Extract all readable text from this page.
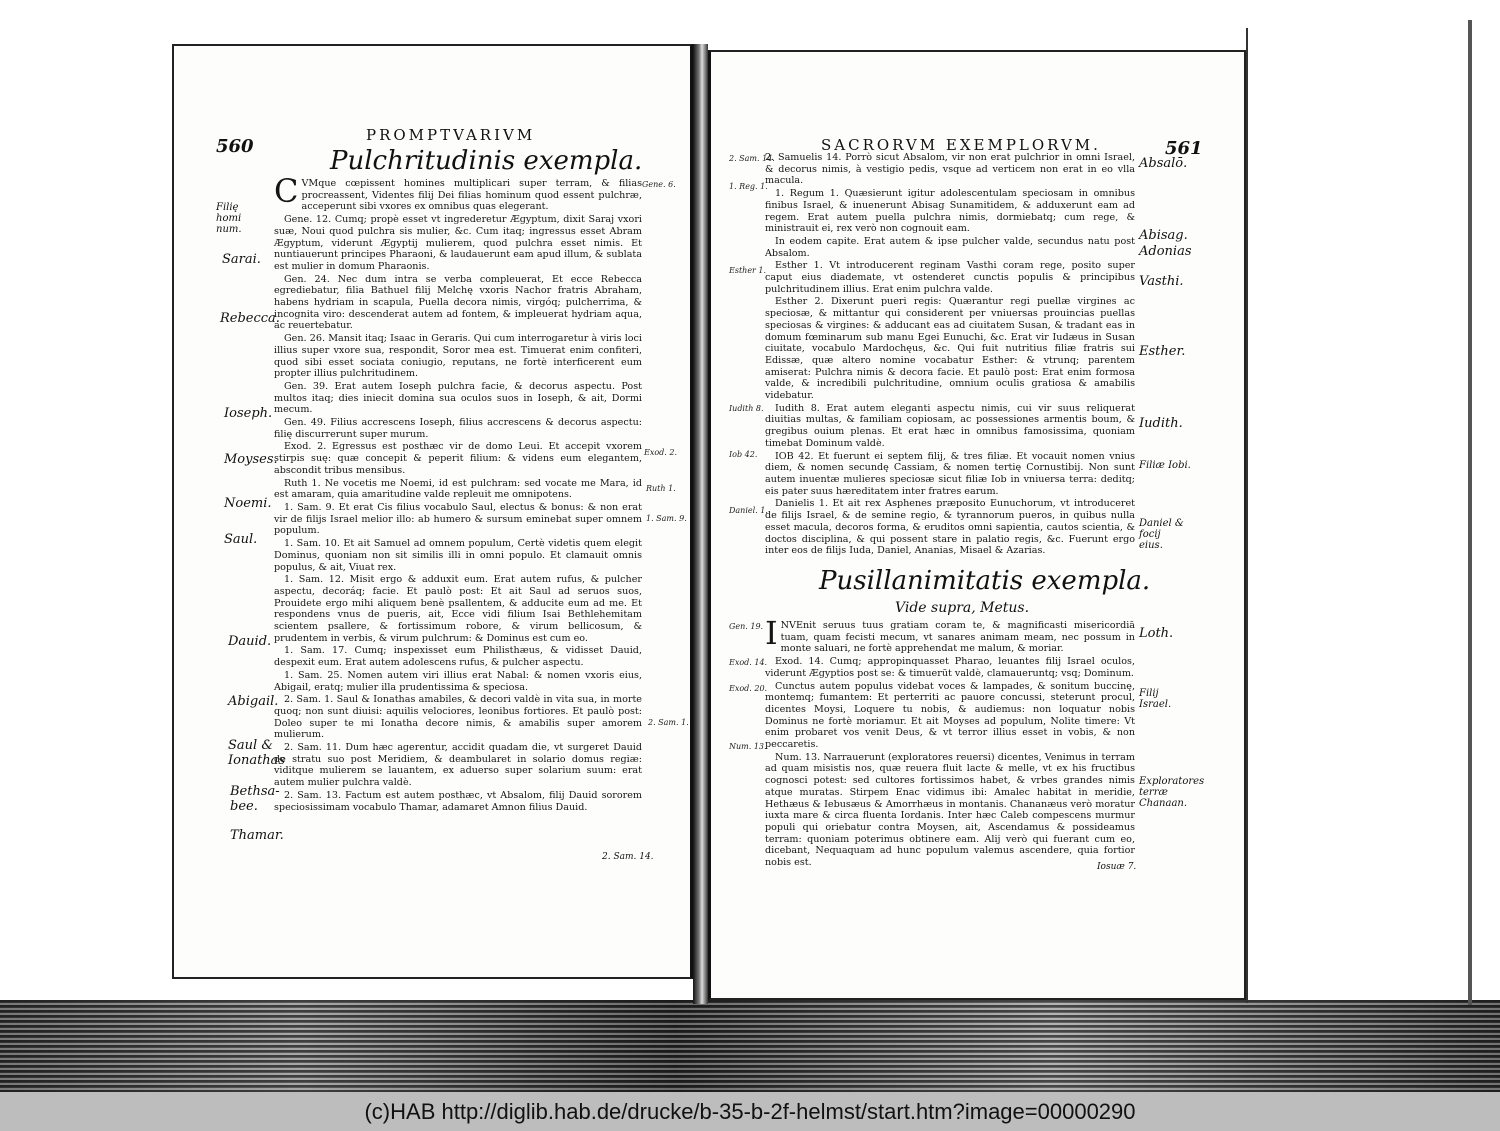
560
PROMPTVARIVM
Pulchritudinis exempla.
Filię homi num.
Sarai.
Rebecca.
Ioseph.
Moyses.
Noemi.
Saul.
Dauid.
Abigail.
Saul & Ionathas
Bethsa- bee.
Thamar.
Gene. 6.
Exod. 2.
Ruth 1.
1. Sam. 9.
2. Sam. 1.

C VMque cœpissent homines multiplicari super terram, & filias procreassent, Videntes filij Dei filias hominum quod essent pulchræ, acceperunt sibi vxores ex omnibus quas elegerant.

Gene. 12. Cumq; propè esset vt ingrederetur Ægyptum, dixit Saraj vxori suæ, Noui quod pulchra sis mulier, &c. Cum itaq; ingressus esset Abram Ægyptum, viderunt Ægyptij mulierem, quod pulchra esset nimis. Et nuntiauerunt principes Pharaoni, & laudauerunt eam apud illum, & sublata est mulier in domum Pharaonis.

Gen. 24. Nec dum intra se verba compleuerat, Et ecce Rebecca egrediebatur, filia Bathuel filij Melchę vxoris Nachor fratris Abraham, habens hydriam in scapula, Puella decora nimis, virgóq; pulcherrima, & incognita viro: descenderat autem ad fontem, & impleuerat hydriam aqua, ac reuertebatur.

Gen. 26. Mansit itaq; Isaac in Geraris. Qui cum interrogaretur à viris loci illius super vxore sua, respondit, Soror mea est. Timuerat enim confiteri, quod sibi esset sociata coniugio, reputans, ne fortè interficerent eum propter illius pulchritudinem.

Gen. 39. Erat autem Ioseph pulchra facie, & decorus aspectu. Post multos itaq; dies iniecit domina sua oculos suos in Ioseph, & ait, Dormi mecum.

Gen. 49. Filius accrescens Ioseph, filius accrescens & decorus aspectu: filię discurrerunt super murum.

Exod. 2. Egressus est posthæc vir de domo Leui. Et accepit vxorem stirpis suę: quæ concepit & peperit filium: & videns eum elegantem, abscondit tribus mensibus.

Ruth 1. Ne vocetis me Noemi, id est pulchram: sed vocate me Mara, id est amaram, quia amaritudine valde repleuit me omnipotens.

1. Sam. 9. Et erat Cis filius vocabulo Saul, electus & bonus: & non erat vir de filijs Israel melior illo: ab humero & sursum eminebat super omnem populum.

1. Sam. 10. Et ait Samuel ad omnem populum, Certè videtis quem elegit Dominus, quoniam non sit similis illi in omni populo. Et clamauit omnis populus, & ait, Viuat rex.

1. Sam. 12. Misit ergo & adduxit eum. Erat autem rufus, & pulcher aspectu, decoráq; facie. Et paulò post: Et ait Saul ad seruos suos, Prouidete ergo mihi aliquem benè psallentem, & adducite eum ad me. Et respondens vnus de pueris, ait, Ecce vidi filium Isai Bethlehemitam scientem psallere, & fortissimum robore, & virum bellicosum, & prudentem in verbis, & virum pulchrum: & Dominus est cum eo.

1. Sam. 17. Cumq; inspexisset eum Philisthæus, & vidisset Dauid, despexit eum. Erat autem adolescens rufus, & pulcher aspectu.

1. Sam. 25. Nomen autem viri illius erat Nabal: & nomen vxoris eius, Abigail, eratq; mulier illa prudentissima & speciosa.

2. Sam. 1. Saul & Ionathas amabiles, & decori valdè in vita sua, in morte quoq; non sunt diuisi: aquilis velociores, leonibus fortiores. Et paulò post: Doleo super te mi Ionatha decore nimis, & amabilis super amorem mulierum.

2. Sam. 11. Dum hæc agerentur, accidit quadam die, vt surgeret Dauid de stratu suo post Meridiem, & deambularet in solario domus regiæ: viditque mulierem se lauantem, ex aduerso super solarium suum: erat autem mulier pulchra valdè.

2. Sam. 13. Factum est autem posthæc, vt Absalom, filij Dauid sororem speciosissimam vocabulo Thamar, adamaret Amnon filius Dauid.

2. Sam. 14.
SACRORVM EXEMPLORVM.	561
2. Sam. 14.
1. Reg. 1.
Esther 1.
Iudith 8.
Iob 42.
Daniel. 1.
Absalō.
Abisag.
Adonias
Vasthi.
Esther.
Iudith.
Filiæ Iobi.
Daniel & focij eius.

2. Samuelis 14. Porrò sicut Absalom, vir non erat pulchrior in omni Israel, & decorus nimis, à vestigio pedis, vsque ad verticem non erat in eo vlla macula.

1. Regum 1. Quæsierunt igitur adolescentulam speciosam in omnibus finibus Israel, & inuenerunt Abisag Sunamitidem, & adduxerunt eam ad regem. Erat autem puella pulchra nimis, dormiebatq; cum rege, & ministrauit ei, rex verò non cognouit eam.

In eodem capite. Erat autem & ipse pulcher valde, secundus natu post Absalom.

Esther 1. Vt introducerent reginam Vasthi coram rege, posito super caput eius diademate, vt ostenderet cunctis populis & principibus pulchritudinem illius. Erat enim pulchra valde.

Esther 2. Dixerunt pueri regis: Quærantur regi puellæ virgines ac speciosæ, & mittantur qui considerent per vniuersas prouincias puellas speciosas & virgines: & adducant eas ad ciuitatem Susan, & tradant eas in domum fœminarum sub manu Egei Eunuchi, &c. Erat vir Iudæus in Susan ciuitate, vocabulo Mardochęus, &c. Qui fuit nutritius filiæ fratris sui Edissæ, quæ altero nomine vocabatur Esther: & vtrunq; parentem amiserat: Pulchra nimis & decora facie. Et paulò post: Erat enim formosa valde, & incredibili pulchritudine, omnium oculis gratiosa & amabilis videbatur.

Iudith 8. Erat autem eleganti aspectu nimis, cui vir suus reliquerat diuitias multas, & familiam copiosam, ac possessiones armentis boum, & gregibus ouium plenas. Et erat hæc in omnibus famosissima, quoniam timebat Dominum valdè.

IOB 42. Et fuerunt ei septem filij, & tres filiæ. Et vocauit nomen vnius diem, & nomen secundę Cassiam, & nomen tertię Cornustibij. Non sunt autem inuentæ mulieres speciosæ sicut filiæ Iob in vniuersa terra: deditq; eis pater suus hæreditatem inter fratres earum.

Danielis 1. Et ait rex Asphenes præposito Eunuchorum, vt introduceret de filijs Israel, & de semine regio, & tyrannorum pueros, in quibus nulla esset macula, decoros forma, & eruditos omni sapientia, cautos scientia, & doctos disciplina, & qui possent stare in palatio regis, &c. Fuerunt ergo inter eos de filijs Iuda, Daniel, Ananias, Misael & Azarias.

Pusillanimitatis exempla.
Vide supra, Metus.
Gen. 19.
Exod. 14.
Exod. 20.
Num. 13.
Loth.
Filij Israel.
Exploratores terræ Chanaan.

I NVEnit seruus tuus gratiam coram te, & magnificasti misericordiā tuam, quam fecisti mecum, vt sanares animam meam, nec possum in monte saluari, ne fortè apprehendat me malum, & moriar.

Exod. 14. Cumq; appropinquasset Pharao, leuantes filij Israel oculos, viderunt Ægyptios post se: & timuerūt valdè, clamaueruntq; vsq; Dominum.

Cunctus autem populus videbat voces & lampades, & sonitum buccinę, montemq; fumantem: Et perterriti ac pauore concussi, steterunt procul, dicentes Moysi, Loquere tu nobis, & audiemus: non loquatur nobis Dominus ne fortè moriamur. Et ait Moyses ad populum, Nolite timere: Vt enim probaret vos venit Deus, & vt terror illius esset in vobis, & non peccaretis.

Num. 13. Narrauerunt (exploratores reuersi) dicentes, Venimus in terram ad quam misistis nos, quæ reuera fluit lacte & melle, vt ex his fructibus cognosci potest: sed cultores fortissimos habet, & vrbes grandes nimis atque muratas. Stirpem Enac vidimus ibi: Amalec habitat in meridie, Hethæus & Iebusæus & Amorrhæus in montanis. Chananæus verò moratur iuxta mare & circa fluenta Iordanis. Inter hæc Caleb compescens murmur populi qui oriebatur contra Moysen, ait, Ascendamus & possideamus terram: quoniam poterimus obtinere eam. Alij verò qui fuerant cum eo, dicebant, Nequaquam ad hunc populum valemus ascendere, quia fortior nobis est.	Iosuæ 7.
(c)HAB http://diglib.hab.de/drucke/b-35-b-2f-helmst/start.htm?image=00000290
